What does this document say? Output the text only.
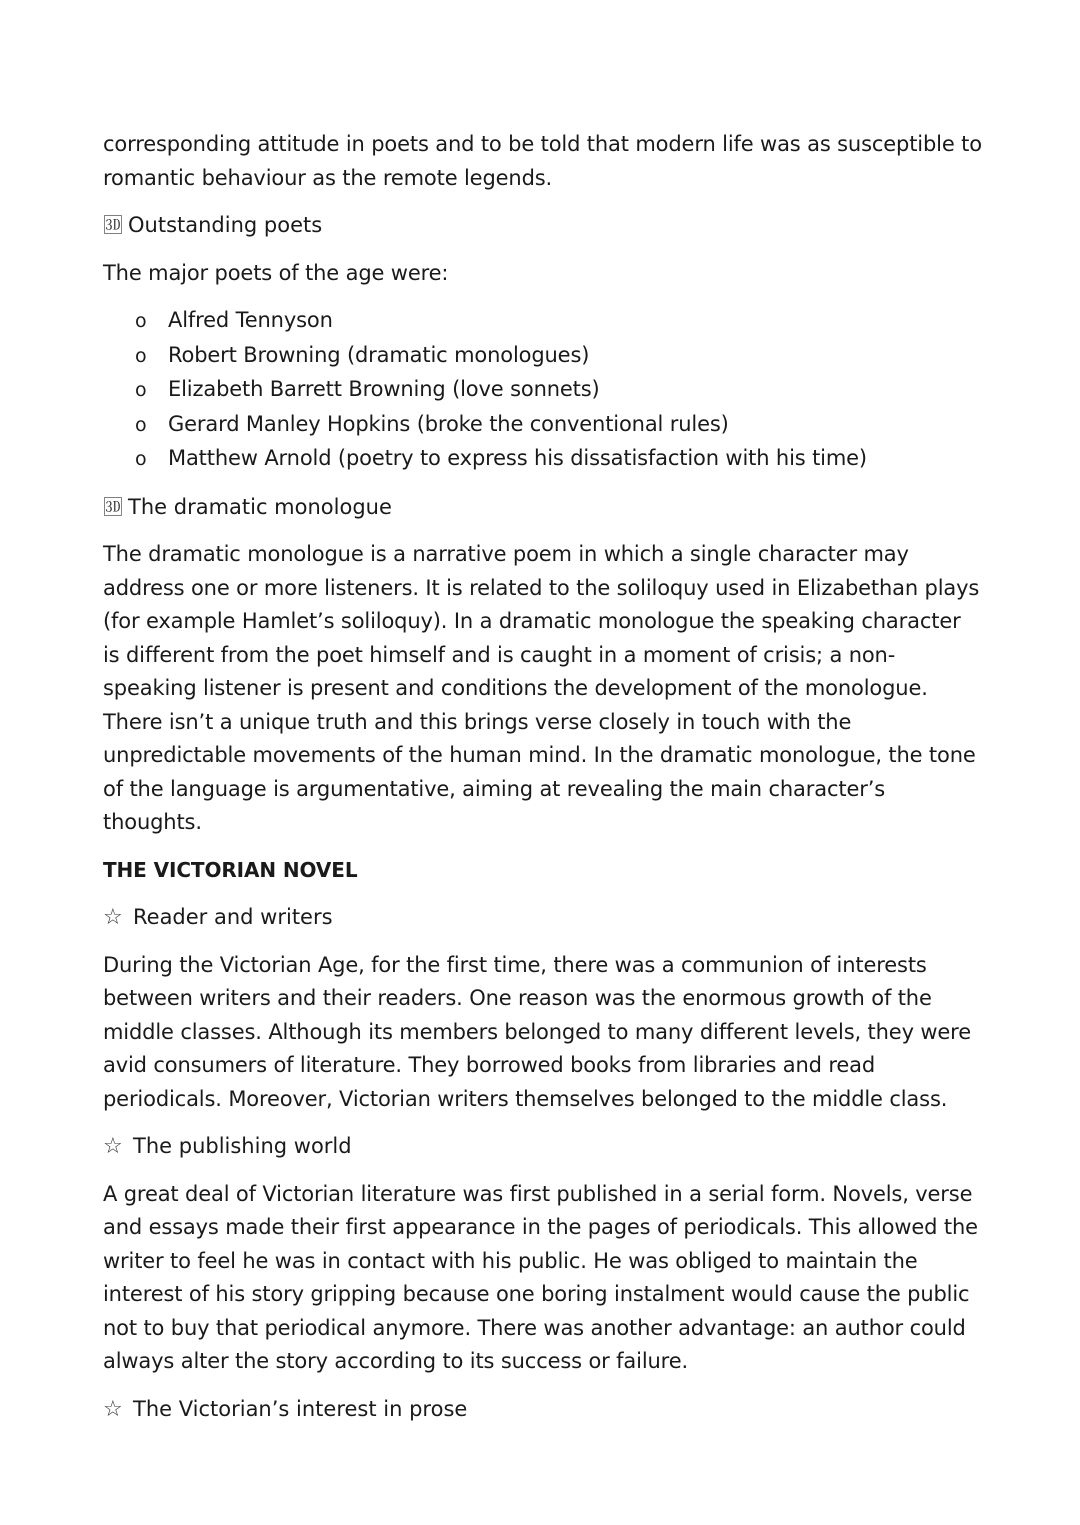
corresponding attitude in poets and to be told that modern life was as susceptible to romantic behaviour as the remote legends.

🆛 Outstanding poets

The major poets of the age were:

o	Alfred Tennyson
o	Robert Browning (dramatic monologues)
o	Elizabeth Barrett Browning (love sonnets)
o	Gerard Manley Hopkins (broke the conventional rules)
o	Matthew Arnold (poetry to express his dissatisfaction with his time)
🆛 The dramatic monologue

The dramatic monologue is a narrative poem in which a single character may address one or more listeners. It is related to the soliloquy used in Elizabethan plays (for example Hamlet’s soliloquy). In a dramatic monologue the speaking character is different from the poet himself and is caught in a moment of crisis; a non-speaking listener is present and conditions the development of the monologue. There isn’t a unique truth and this brings verse closely in touch with the unpredictable movements of the human mind. In the dramatic monologue, the tone of the language is argumentative, aiming at revealing the main character’s thoughts.

THE VICTORIAN NOVEL
☆ Reader and writers

During the Victorian Age, for the first time, there was a communion of interests between writers and their readers. One reason was the enormous growth of the middle classes. Although its members belonged to many different levels, they were avid consumers of literature. They borrowed books from libraries and read periodicals. Moreover, Victorian writers themselves belonged to the middle class.

☆ The publishing world

A great deal of Victorian literature was first published in a serial form. Novels, verse and essays made their first appearance in the pages of periodicals. This allowed the writer to feel he was in contact with his public. He was obliged to maintain the interest of his story gripping because one boring instalment would cause the public not to buy that periodical anymore. There was another advantage: an author could always alter the story according to its success or failure.

☆ The Victorian’s interest in prose
